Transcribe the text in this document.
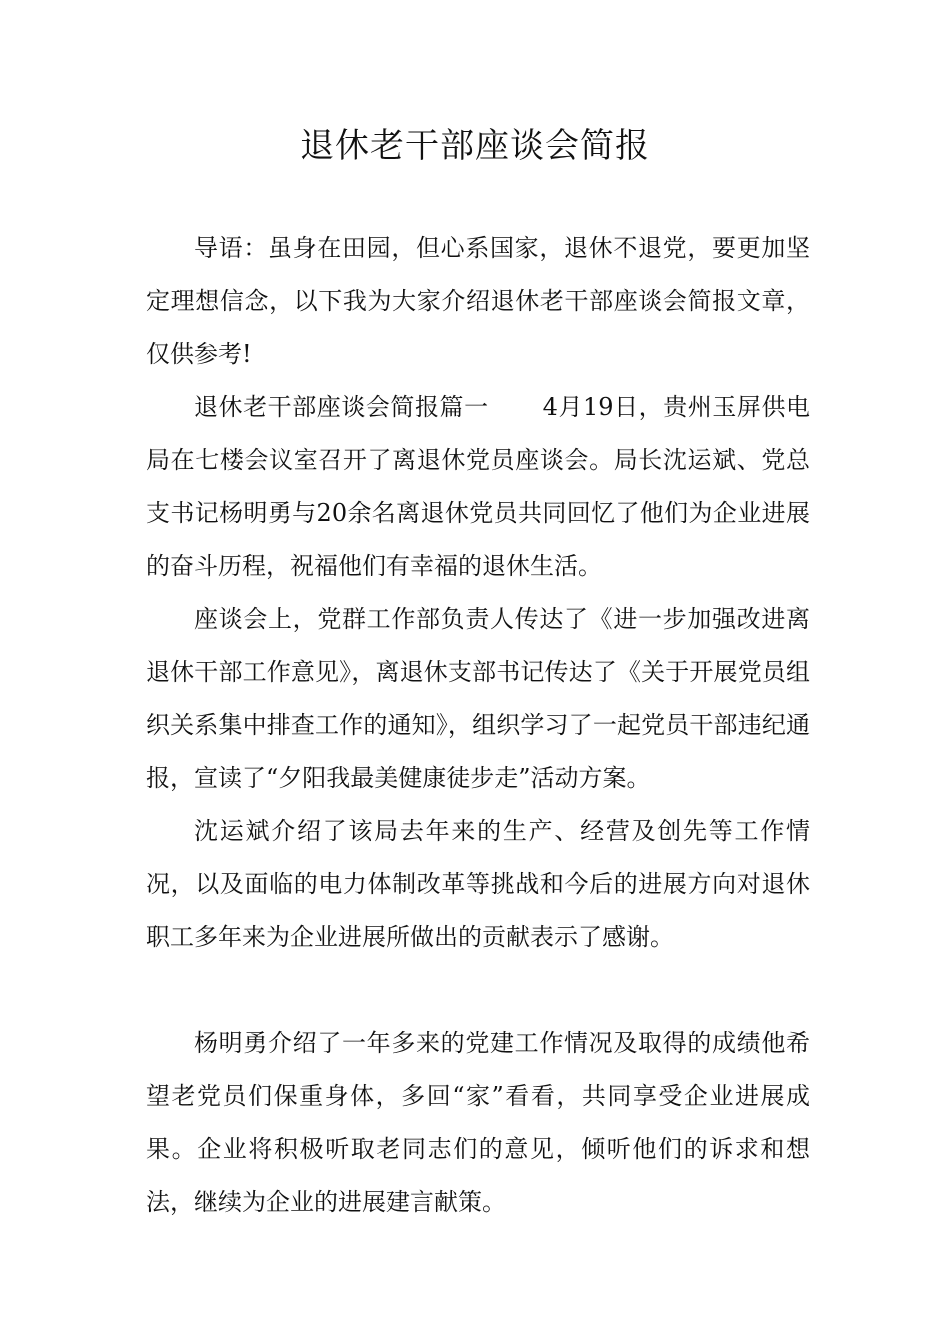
退休老干部座谈会简报

导语：虽身在田园，但心系国家，退休不退党，要更加坚定理想信念，以下我为大家介绍退休老干部座谈会简报文章，仅供参考!

退休老干部座谈会简报篇一 4月19日，贵州玉屏供电局在七楼会议室召开了离退休党员座谈会。局长沈运斌、党总支书记杨明勇与20余名离退休党员共同回忆了他们为企业进展的奋斗历程，祝福他们有幸福的退休生活。

座谈会上，党群工作部负责人传达了《进一步加强改进离退休干部工作意见》，离退休支部书记传达了《关于开展党员组织关系集中排查工作的通知》，组织学习了一起党员干部违纪通报，宣读了“夕阳我最美健康徒步走”活动方案。

沈运斌介绍了该局去年来的生产、经营及创先等工作情况，以及面临的电力体制改革等挑战和今后的进展方向对退休职工多年来为企业进展所做出的贡献表示了感谢。

杨明勇介绍了一年多来的党建工作情况及取得的成绩他希望老党员们保重身体，多回“家”看看，共同享受企业进展成果。企业将积极听取老同志们的意见，倾听他们的诉求和想法，继续为企业的进展建言献策。
